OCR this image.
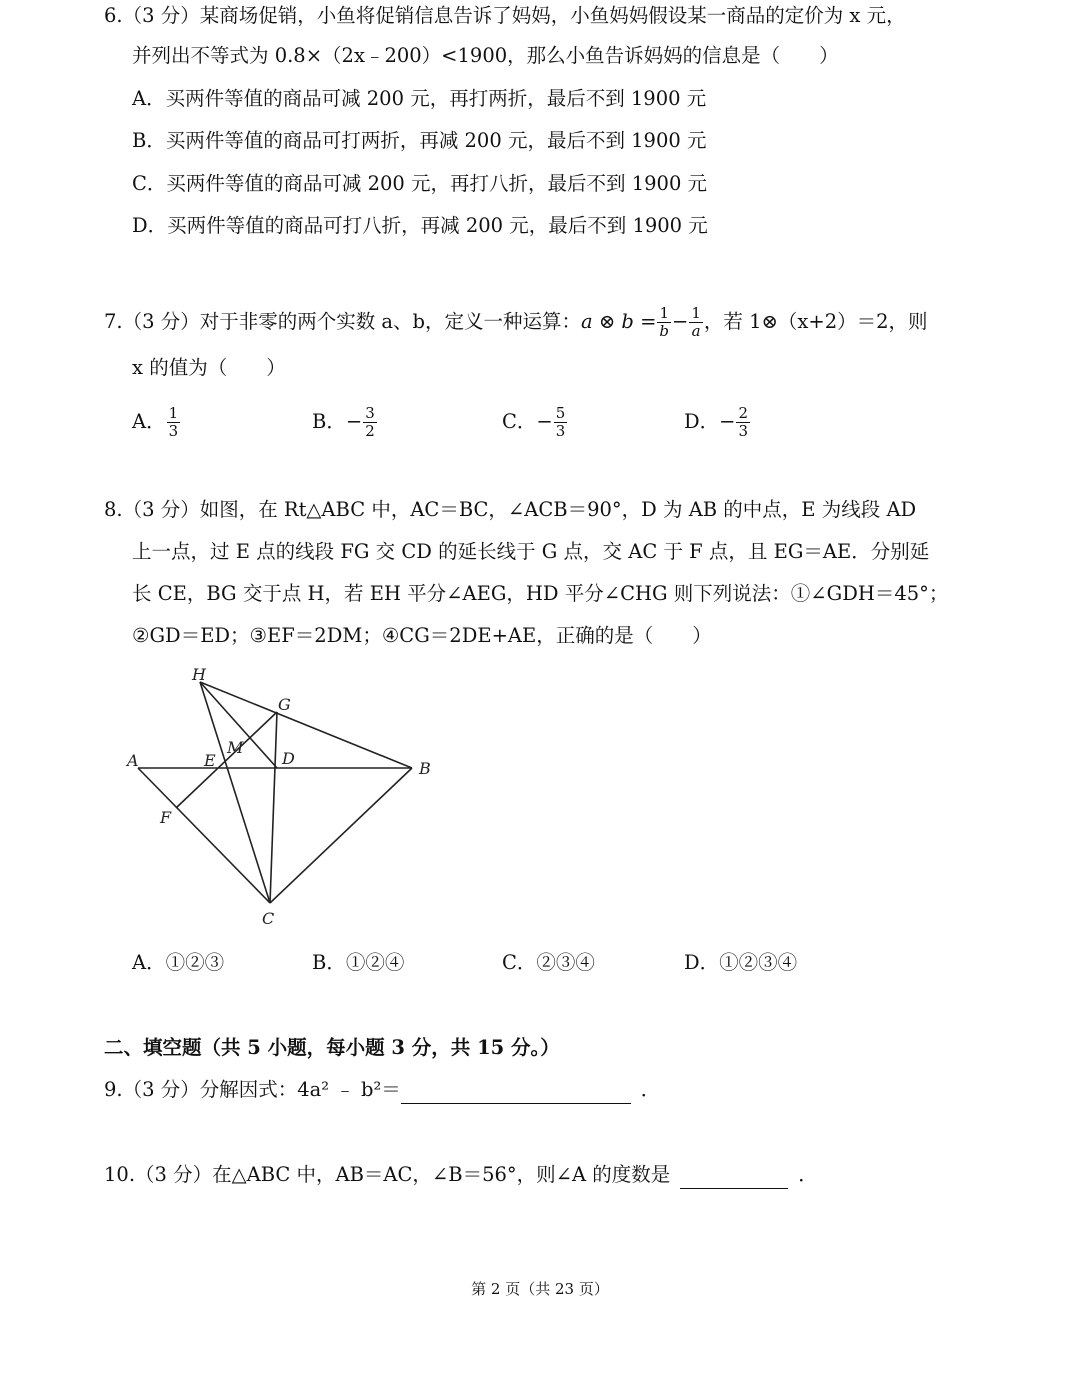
6.（3 分）某商场促销，小鱼将促销信息告诉了妈妈，小鱼妈妈假设某一商品的定价为 x 元，
并列出不等式为 0.8×（2x﹣200）<1900，那么小鱼告诉妈妈的信息是（　　）
A．买两件等值的商品可减 200 元，再打两折，最后不到 1900 元
B．买两件等值的商品可打两折，再减 200 元，最后不到 1900 元
C．买两件等值的商品可减 200 元，再打八折，最后不到 1900 元
D．买两件等值的商品可打八折，再减 200 元，最后不到 1900 元
7.（3 分）对于非零的两个实数 a、b，定义一种运算：a ⊗ $b = \frac{1}{b} - \frac{1}{a}$ ，若 1⊗（x+2）＝2，则
x 的值为（　　）
A． $\frac{1}{3}$	B．− $\frac{3}{2}$	C．− $\frac{5}{3}$	D．− $\frac{2}{3}$
8.（3 分）如图，在 Rt△ABC 中，AC＝BC，∠ACB＝90°，D 为 AB 的中点，E 为线段 AD
上一点，过 E 点的线段 FG 交 CD 的延长线于 G 点，交 AC 于 F 点，且 EG＝AE．分别延
长 CE，BG 交于点 H，若 EH 平分∠AEG，HD 平分∠CHG 则下列说法：①∠GDH＝45°；
②GD＝ED；③EF＝2DM；④CG＝2DE+AE，正确的是（　　）
H
G
M
A	E	D
B
F
C
A．①②③	B．①②④	C．②③④	D．①②③④
二、填空题（共 5 小题，每小题 3 分，共 15 分。）
9.（3 分）分解因式：4a² ﹣ b²＝	．
10.（3 分）在△ABC 中，AB＝AC，∠B＝56°，则∠A 的度数是	．
第 2 页（共 23 页）
